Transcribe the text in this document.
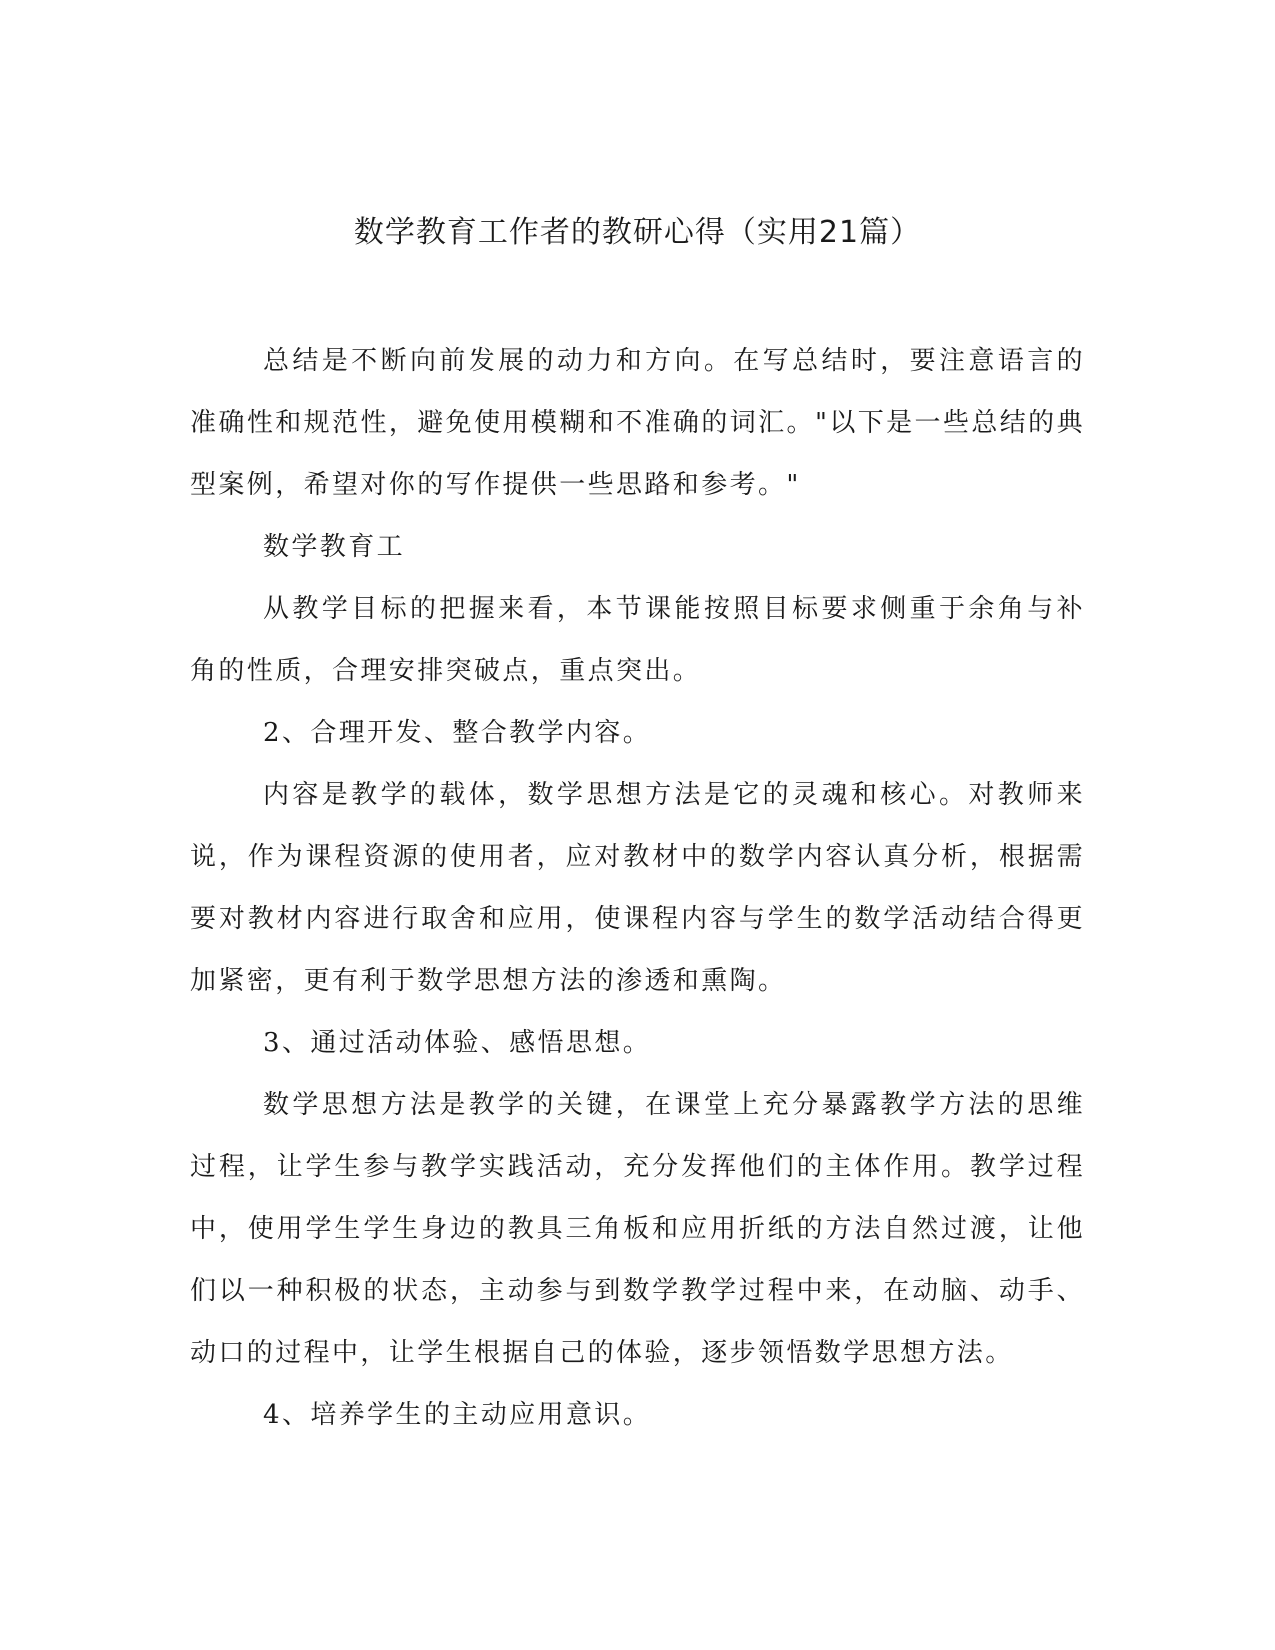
数学教育工作者的教研心得（实用21篇）

总结是不断向前发展的动力和方向。在写总结时，要注意语言的准确性和规范性，避免使用模糊和不准确的词汇。"以下是一些总结的典型案例，希望对你的写作提供一些思路和参考。"

数学教育工

从教学目标的把握来看，本节课能按照目标要求侧重于余角与补角的性质，合理安排突破点，重点突出。

2、合理开发、整合教学内容。

内容是教学的载体，数学思想方法是它的灵魂和核心。对教师来说，作为课程资源的使用者，应对教材中的数学内容认真分析，根据需要对教材内容进行取舍和应用，使课程内容与学生的数学活动结合得更加紧密，更有利于数学思想方法的渗透和熏陶。

3、通过活动体验、感悟思想。

数学思想方法是教学的关键，在课堂上充分暴露教学方法的思维过程，让学生参与教学实践活动，充分发挥他们的主体作用。教学过程中，使用学生学生身边的教具三角板和应用折纸的方法自然过渡，让他们以一种积极的状态，主动参与到数学教学过程中来，在动脑、动手、动口的过程中，让学生根据自己的体验，逐步领悟数学思想方法。

4、培养学生的主动应用意识。
